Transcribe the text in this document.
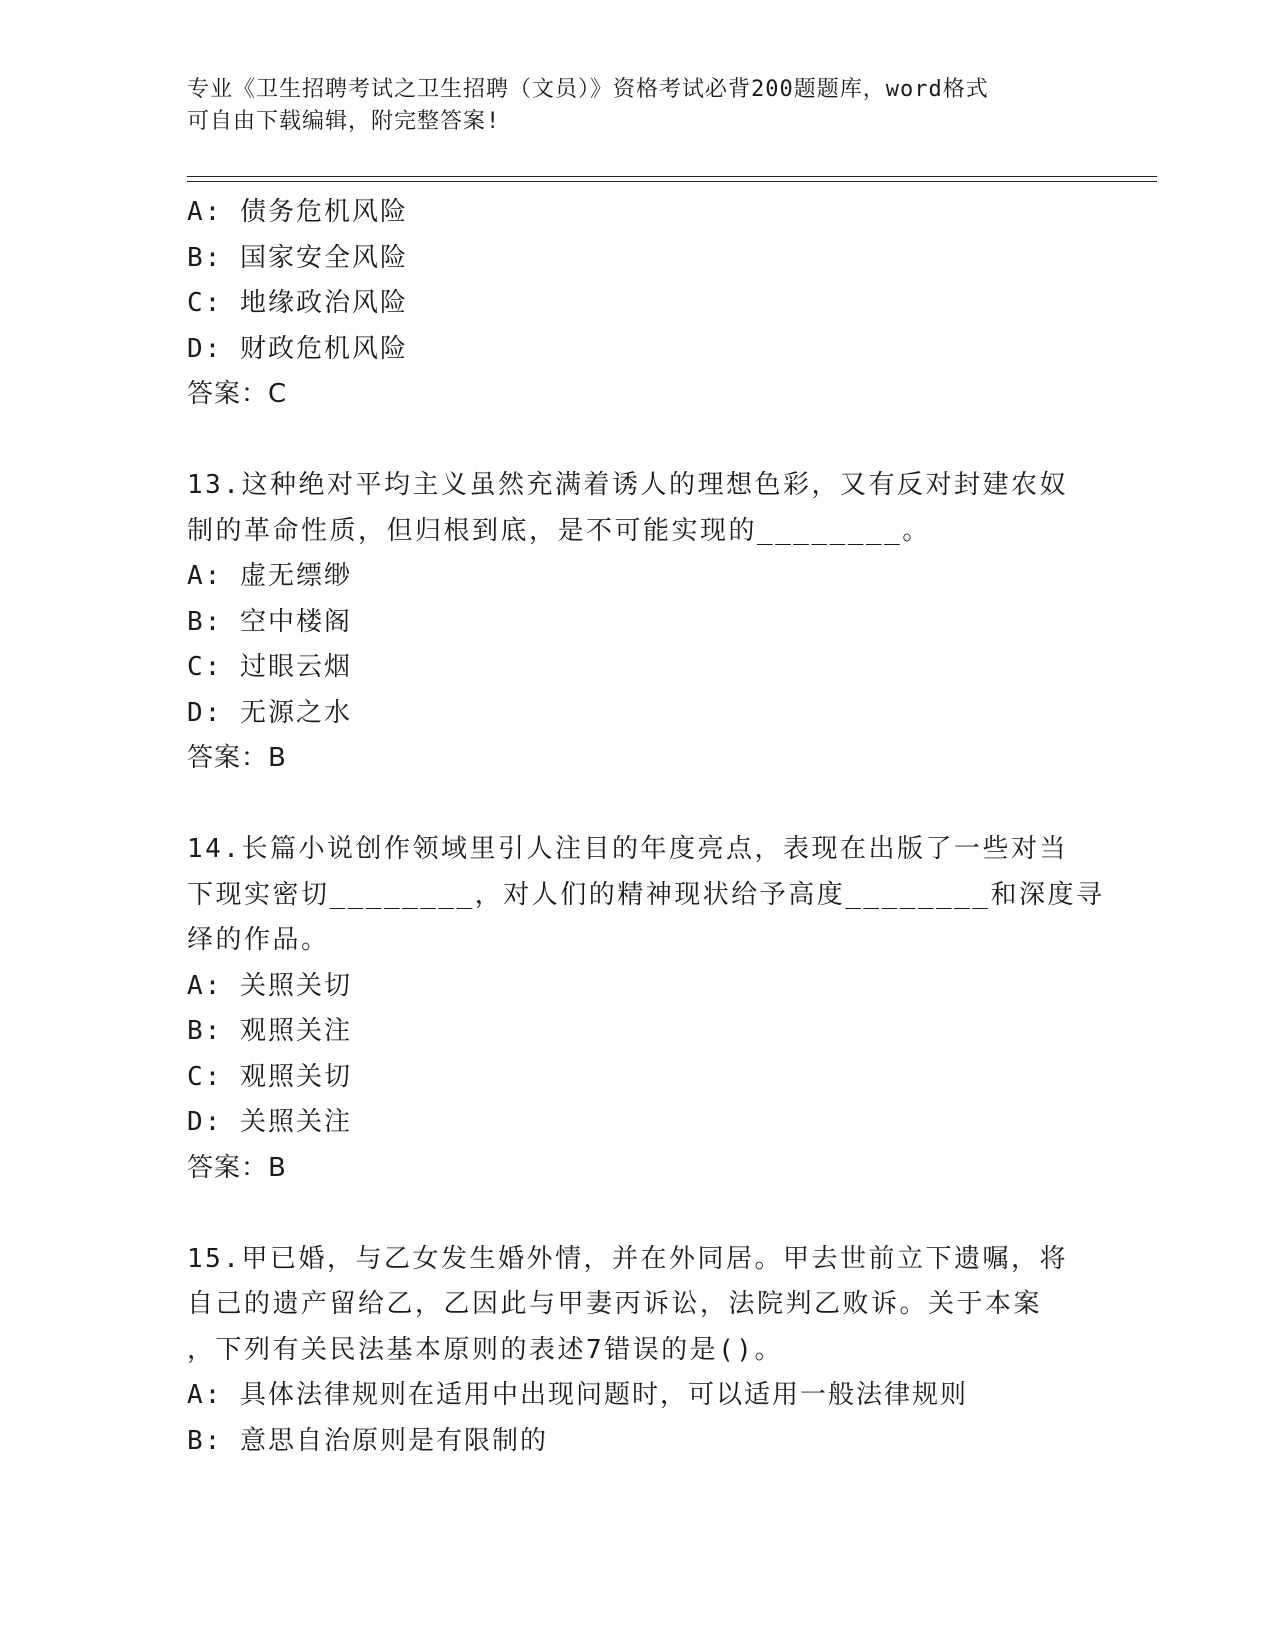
专业《卫生招聘考试之卫生招聘（文员）》资格考试必背200题题库，word格式
可自由下载编辑，附完整答案!
A: 债务危机风险
B: 国家安全风险
C: 地缘政治风险
D: 财政危机风险
答案：C
13.这种绝对平均主义虽然充满着诱人的理想色彩，又有反对封建农奴
制的革命性质，但归根到底，是不可能实现的________。
A: 虚无缥缈
B: 空中楼阁
C: 过眼云烟
D: 无源之水
答案：B
14.长篇小说创作领域里引人注目的年度亮点，表现在出版了一些对当
下现实密切________，对人们的精神现状给予高度________和深度寻
绎的作品。
A: 关照关切
B: 观照关注
C: 观照关切
D: 关照关注
答案：B
15.甲已婚，与乙女发生婚外情，并在外同居。甲去世前立下遗嘱，将
自己的遗产留给乙，乙因此与甲妻丙诉讼，法院判乙败诉。关于本案
，下列有关民法基本原则的表述7错误的是()。
A: 具体法律规则在适用中出现问题时，可以适用一般法律规则
B: 意思自治原则是有限制的
